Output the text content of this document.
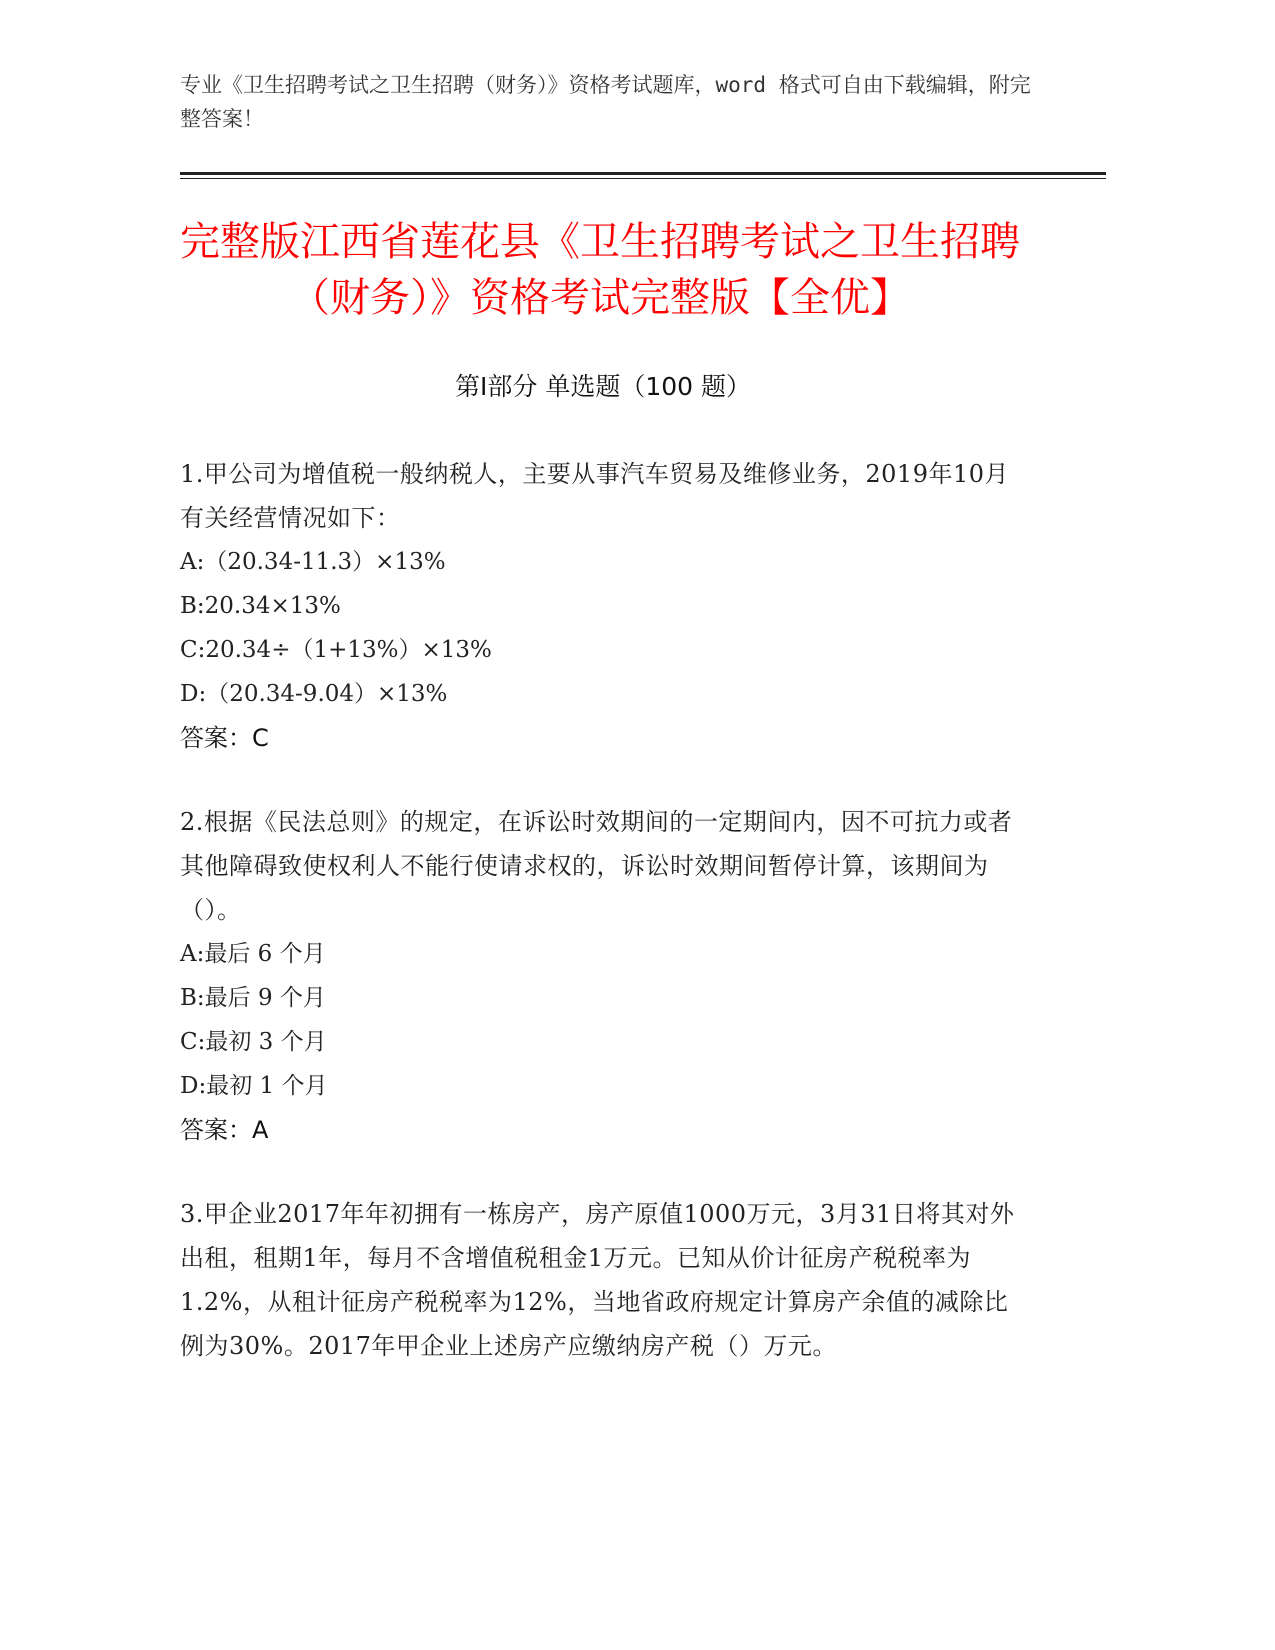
专业《卫生招聘考试之卫生招聘（财务）》资格考试题库，word 格式可自由下载编辑，附完整答案！

完整版江西省莲花县《卫生招聘考试之卫生招聘（财务）》资格考试完整版【全优】
第Ⅰ部分 单选题（100 题）

1.甲公司为增值税一般纳税人，主要从事汽车贸易及维修业务，2019年10月有关经营情况如下：

A:（20.34-11.3）×13%

B:20.34×13%

C:20.34÷（1+13%）×13%

D:（20.34-9.04）×13%

答案：C

2.根据《民法总则》的规定，在诉讼时效期间的一定期间内，因不可抗力或者其他障碍致使权利人不能行使请求权的，诉讼时效期间暂停计算，该期间为（）。

A:最后 6 个月

B:最后 9 个月

C:最初 3 个月

D:最初 1 个月

答案：A

3.甲企业2017年年初拥有一栋房产，房产原值1000万元，3月31日将其对外出租，租期1年，每月不含增值税租金1万元。已知从价计征房产税税率为1.2%，从租计征房产税税率为12%，当地省政府规定计算房产余值的减除比例为30%。2017年甲企业上述房产应缴纳房产税（）万元。
